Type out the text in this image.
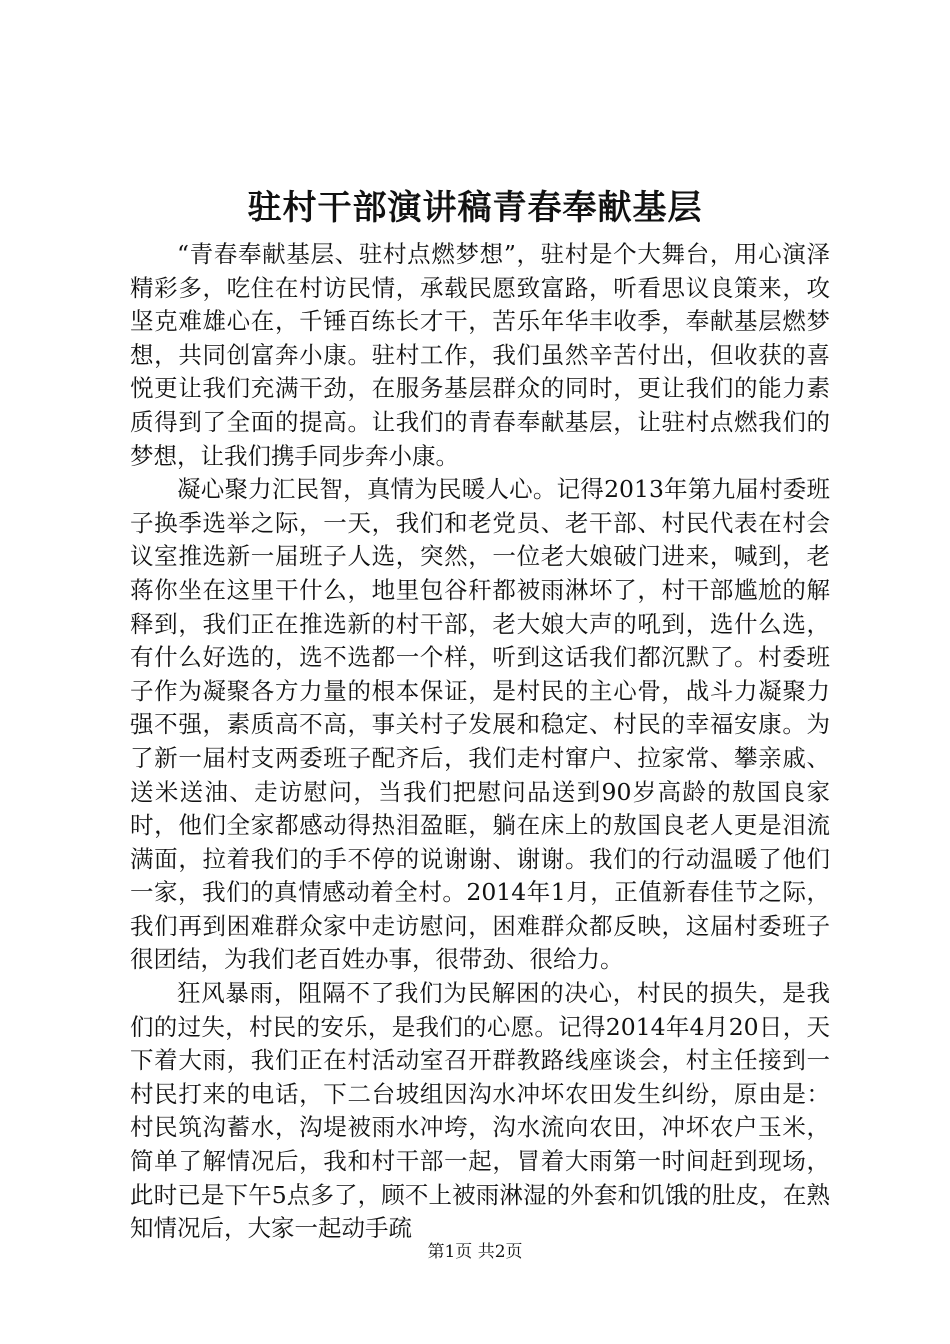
驻村干部演讲稿青春奉献基层

“青春奉献基层、驻村点燃梦想”，驻村是个大舞台，用心演泽精彩多，吃住在村访民情，承载民愿致富路，听看思议良策来，攻坚克难雄心在，千锤百练长才干，苦乐年华丰收季，奉献基层燃梦想，共同创富奔小康。驻村工作，我们虽然辛苦付出，但收获的喜悦更让我们充满干劲，在服务基层群众的同时，更让我们的能力素质得到了全面的提高。让我们的青春奉献基层，让驻村点燃我们的梦想，让我们携手同步奔小康。

凝心聚力汇民智，真情为民暖人心。记得2013年第九届村委班子换季选举之际，一天，我们和老党员、老干部、村民代表在村会议室推选新一届班子人选，突然，一位老大娘破门进来，喊到，老蒋你坐在这里干什么，地里包谷秆都被雨淋坏了，村干部尴尬的解释到，我们正在推选新的村干部，老大娘大声的吼到，选什么选，有什么好选的，选不选都一个样，听到这话我们都沉默了。村委班子作为凝聚各方力量的根本保证，是村民的主心骨，战斗力凝聚力强不强，素质高不高，事关村子发展和稳定、村民的幸福安康。为了新一届村支两委班子配齐后，我们走村窜户、拉家常、攀亲戚、送米送油、走访慰问，当我们把慰问品送到90岁高龄的敖国良家时，他们全家都感动得热泪盈眶，躺在床上的敖国良老人更是泪流满面，拉着我们的手不停的说谢谢、谢谢。我们的行动温暖了他们一家，我们的真情感动着全村。2014年1月，正值新春佳节之际，我们再到困难群众家中走访慰问，困难群众都反映，这届村委班子很团结，为我们老百姓办事，很带劲、很给力。

狂风暴雨，阻隔不了我们为民解困的决心，村民的损失，是我们的过失，村民的安乐，是我们的心愿。记得2014年4月20日，天下着大雨，我们正在村活动室召开群教路线座谈会，村主任接到一村民打来的电话，下二台坡组因沟水冲坏农田发生纠纷，原由是：村民筑沟蓄水，沟堤被雨水冲垮，沟水流向农田，冲坏农户玉米，简单了解情况后，我和村干部一起，冒着大雨第一时间赶到现场，此时已是下午5点多了，顾不上被雨淋湿的外套和饥饿的肚皮，在熟知情况后，大家一起动手疏

第1页 共2页
